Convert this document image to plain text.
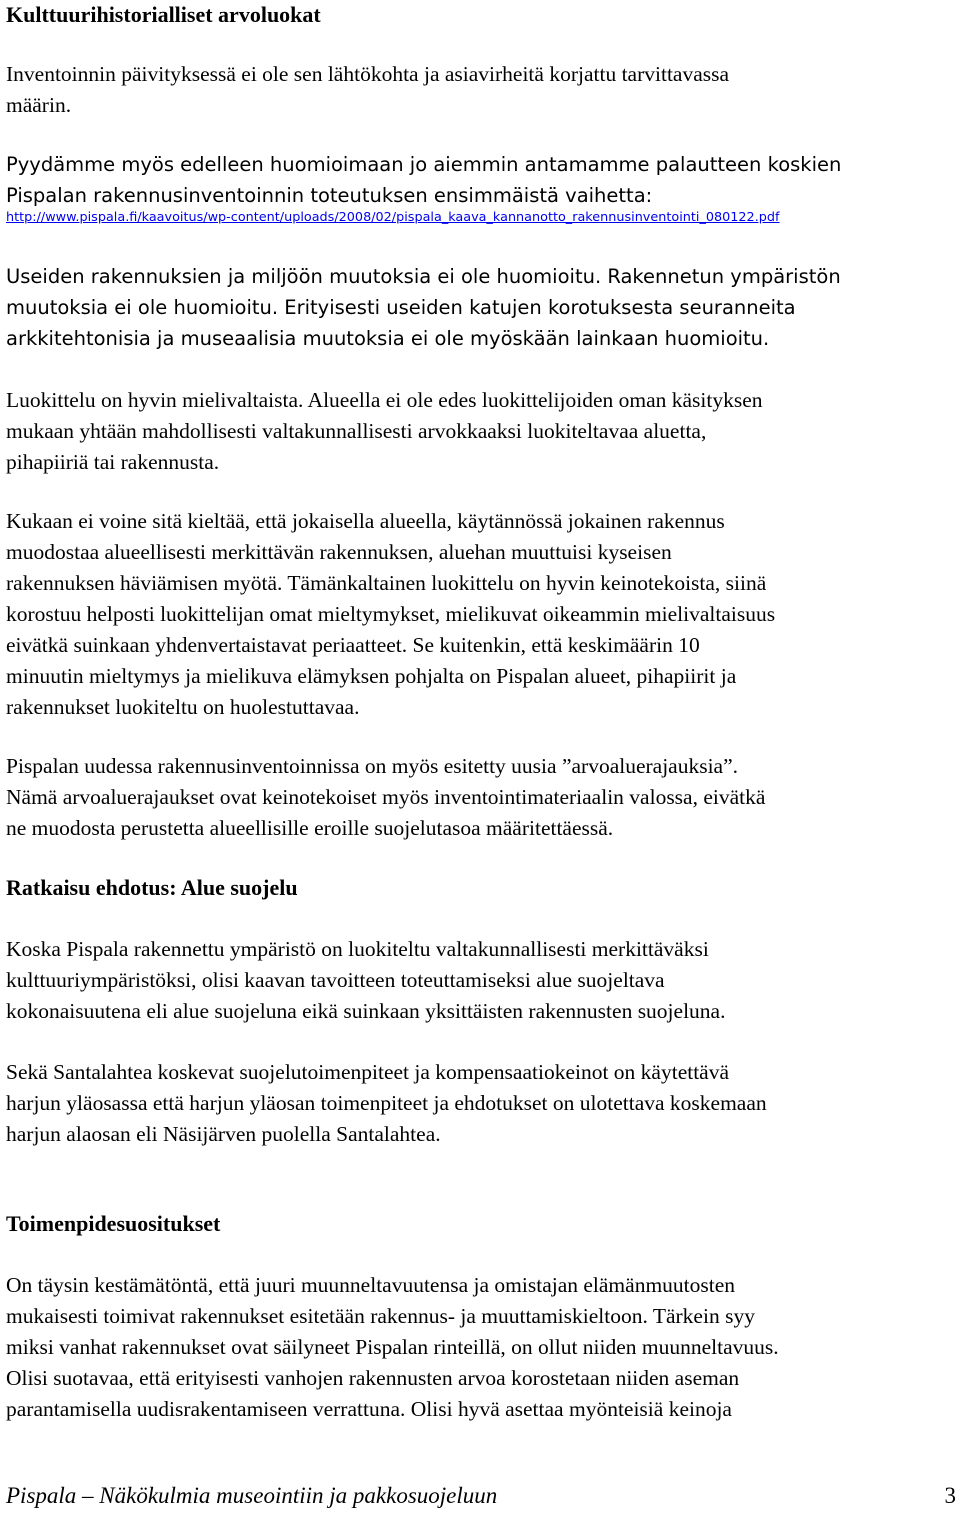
Kulttuurihistorialliset arvoluokat

Inventoinnin päivityksessä ei ole sen lähtökohta ja asiavirheitä korjattu tarvittavassa
määrin.

Pyydämme myös edelleen huomioimaan jo aiemmin antamamme palautteen koskien
Pispalan rakennusinventoinnin toteutuksen ensimmäistä vaihetta:

http://www.pispala.fi/kaavoitus/wp-content/uploads/2008/02/pispala_kaava_kannanotto_rakennusinventointi_080122.pdf

Useiden rakennuksien ja miljöön muutoksia ei ole huomioitu. Rakennetun ympäristön
muutoksia ei ole huomioitu. Erityisesti useiden katujen korotuksesta seuranneita
arkkitehtonisia ja museaalisia muutoksia ei ole myöskään lainkaan huomioitu.

Luokittelu on hyvin mielivaltaista. Alueella ei ole edes luokittelijoiden oman käsityksen
mukaan yhtään mahdollisesti valtakunnallisesti arvokkaaksi luokiteltavaa aluetta,
pihapiiriä tai rakennusta.

Kukaan ei voine sitä kieltää, että jokaisella alueella, käytännössä jokainen rakennus
muodostaa alueellisesti merkittävän rakennuksen, aluehan muuttuisi kyseisen
rakennuksen häviämisen myötä. Tämänkaltainen luokittelu on hyvin keinotekoista, siinä
korostuu helposti luokittelijan omat mieltymykset, mielikuvat oikeammin mielivaltaisuus
eivätkä suinkaan yhdenvertaistavat periaatteet. Se kuitenkin, että keskimäärin 10
minuutin mieltymys ja mielikuva elämyksen pohjalta on Pispalan alueet, pihapiirit ja
rakennukset luokiteltu on huolestuttavaa.

Pispalan uudessa rakennusinventoinnissa on myös esitetty uusia ”arvoaluerajauksia”.
Nämä arvoaluerajaukset ovat keinotekoiset myös inventointimateriaalin valossa, eivätkä
ne muodosta perustetta alueellisille eroille suojelutasoa määritettäessä.

Ratkaisu ehdotus: Alue suojelu

Koska Pispala rakennettu ympäristö on luokiteltu valtakunnallisesti merkittäväksi
kulttuuriympäristöksi, olisi kaavan tavoitteen toteuttamiseksi alue suojeltava
kokonaisuutena eli alue suojeluna eikä suinkaan yksittäisten rakennusten suojeluna.

Sekä Santalahtea koskevat suojelutoimenpiteet ja kompensaatiokeinot on käytettävä
harjun yläosassa että harjun yläosan toimenpiteet ja ehdotukset on ulotettava koskemaan
harjun alaosan eli Näsijärven puolella Santalahtea.

Toimenpidesuositukset

On täysin kestämätöntä, että juuri muunneltavuutensa ja omistajan elämänmuutosten
mukaisesti toimivat rakennukset esitetään rakennus- ja muuttamiskieltoon. Tärkein syy
miksi vanhat rakennukset ovat säilyneet Pispalan rinteillä, on ollut niiden muunneltavuus.
Olisi suotavaa, että erityisesti vanhojen rakennusten arvoa korostetaan niiden aseman
parantamisella uudisrakentamiseen verrattuna. Olisi hyvä asettaa myönteisiä keinoja

Pispala – Näkökulmia museointiin ja pakkosuojeluun	3
